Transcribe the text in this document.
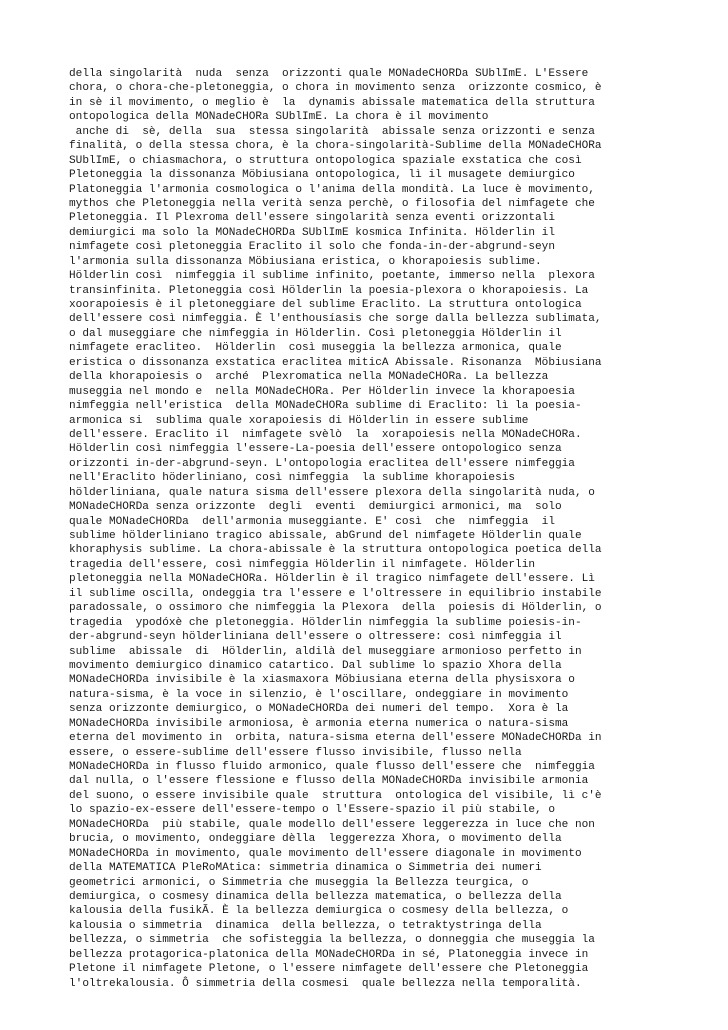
della singolarità  nuda  senza  orizzonti quale MONadeCHORDa SUblImE. L'Essere
chora, o chora-che-pletoneggia, o chora in movimento senza  orizzonte cosmico, è
in sè il movimento, o meglio è  la  dynamis abissale matematica della struttura
ontopologica della MONadeCHORa SUblImE. La chora è il movimento
anche di  sè, della  sua  stessa singolarità  abissale senza orizzonti e senza
finalità, o della stessa chora, è la chora-singolarità-Sublime della MONadeCHORa
SUblImE, o chiasmachora, o struttura ontopologica spaziale exstatica che così
Pletoneggia la dissonanza Möbiusiana ontopologica, lì il musagete demiurgico
Platoneggia l'armonia cosmologica o l'anima della mondità. La luce è movimento,
mythos che Pletoneggia nella verità senza perchè, o filosofia del nimfagete che
Pletoneggia. Il Plexroma dell'essere singolarità senza eventi orizzontali
demiurgici ma solo la MONadeCHORDa SUblImE kosmica Infinita. Hölderlin il
nimfagete così pletoneggia Eraclito il solo che fonda-in-der-abgrund-seyn
l'armonia sulla dissonanza Möbiusiana eristica, o khorapoiesis sublime.
Hölderlin così  nimfeggia il sublime infinito, poetante, immerso nella  plexora
transinfinita. Pletoneggia così Hölderlin la poesia-plexora o khorapoiesis. La
xoorapoiesis è il pletoneggiare del sublime Eraclito. La struttura ontologica
dell'essere così nimfeggia. È l'enthousíasis che sorge dalla bellezza sublimata,
o dal museggiare che nimfeggia in Hölderlin. Così pletoneggia Hölderlin il
nimfagete eracliteo.  Hölderlin  così museggia la bellezza armonica, quale
eristica o dissonanza exstatica eraclitea miticA Abissale. Risonanza  Möbiusiana
della khorapoiesis o  arché  Plexromatica nella MONadeCHORa. La bellezza
museggia nel mondo e  nella MONadeCHORa. Per Hölderlin invece la khorapoesia
nimfeggia nell'eristica  della MONadeCHORa sublime di Eraclito: lì la poesia-
armonica si  sublima quale xorapoiesis di Hölderlin in essere sublime
dell'essere. Eraclito il  nimfagete svèlò  la  xorapoiesis nella MONadeCHORa.
Hölderlin così nimfeggia l'essere-La-poesia dell'essere ontopologico senza
orizzonti in-der-abgrund-seyn. L'ontopologia eraclitea dell'essere nimfeggia
nell'Eraclito höderliniano, così nimfeggia  la sublime khorapoiesis
hölderliniana, quale natura sisma dell'essere plexora della singolarità nuda, o
MONadeCHORDa senza orizzonte  degli  eventi  demiurgici armonici, ma  solo
quale MONadeCHORDa  dell'armonia museggiante. E' così  che  nimfeggia  il
sublime hölderliniano tragico abissale, abGrund del nimfagete Hölderlin quale
khoraphysis sublime. La chora-abissale è la struttura ontopologica poetica della
tragedia dell'essere, così nimfeggia Hölderlin il nimfagete. Hölderlin
pletoneggia nella MONadeCHORa. Hölderlin è il tragico nimfagete dell'essere. Lì
il sublime oscilla, ondeggia tra l'essere e l'oltressere in equilibrio instabile
paradossale, o ossimoro che nimfeggia la Plexora  della  poiesis di Hölderlin, o
tragedia  ypodóxè che pletoneggia. Hölderlin nimfeggia la sublime poiesis-in-
der-abgrund-seyn hölderliniana dell'essere o oltressere: così nimfeggia il
sublime  abissale  di  Hölderlin, aldilà del museggiare armonioso perfetto in
movimento demiurgico dinamico catartico. Dal sublime lo spazio Xhora della
MONadeCHORDa invisibile è la xiasmaxora Möbiusiana eterna della physisxora o
natura-sisma, è la voce in silenzio, è l'oscillare, ondeggiare in movimento
senza orizzonte demiurgico, o MONadeCHORDa dei numeri del tempo.  Xora è la
MONadeCHORDa invisibile armoniosa, è armonia eterna numerica o natura-sisma
eterna del movimento in  orbita, natura-sisma eterna dell'essere MONadeCHORDa in
essere, o essere-sublime dell'essere flusso invisibile, flusso nella
MONadeCHORDa in flusso fluido armonico, quale flusso dell'essere che  nimfeggia
dal nulla, o l'essere flessione e flusso della MONadeCHORDa invisibile armonia
del suono, o essere invisibile quale  struttura  ontologica del visibile, lì c'è
lo spazio-ex-essere dell'essere-tempo o l'Essere-spazio il più stabile, o
MONadeCHORDa  più stabile, quale modello dell'essere leggerezza in luce che non
brucia, o movimento, ondeggiare dèlla  leggerezza Xhora, o movimento della
MONadeCHORDa in movimento, quale movimento dell'essere diagonale in movimento
della MATEMATICA PleRoMAtica: simmetria dinamica o Simmetria dei numeri
geometrici armonici, o Simmetria che museggia la Bellezza teurgica, o
demiurgica, o cosmesy dinamica della bellezza matematica, o bellezza della
kalousia della fusikÃ. È la bellezza demiurgica o cosmesy della bellezza, o
kalousia o simmetria  dinamica  della bellezza, o tetraktystringa della
bellezza, o simmetria  che sofisteggia la bellezza, o donneggia che museggia la
bellezza protagorica-platonica della MONadeCHORDa in sé, Platoneggia invece in
Pletone il nimfagete Pletone, o l'essere nimfagete dell'essere che Pletoneggia
l'oltrekalousia. Ô simmetria della cosmesi  quale bellezza nella temporalità.
